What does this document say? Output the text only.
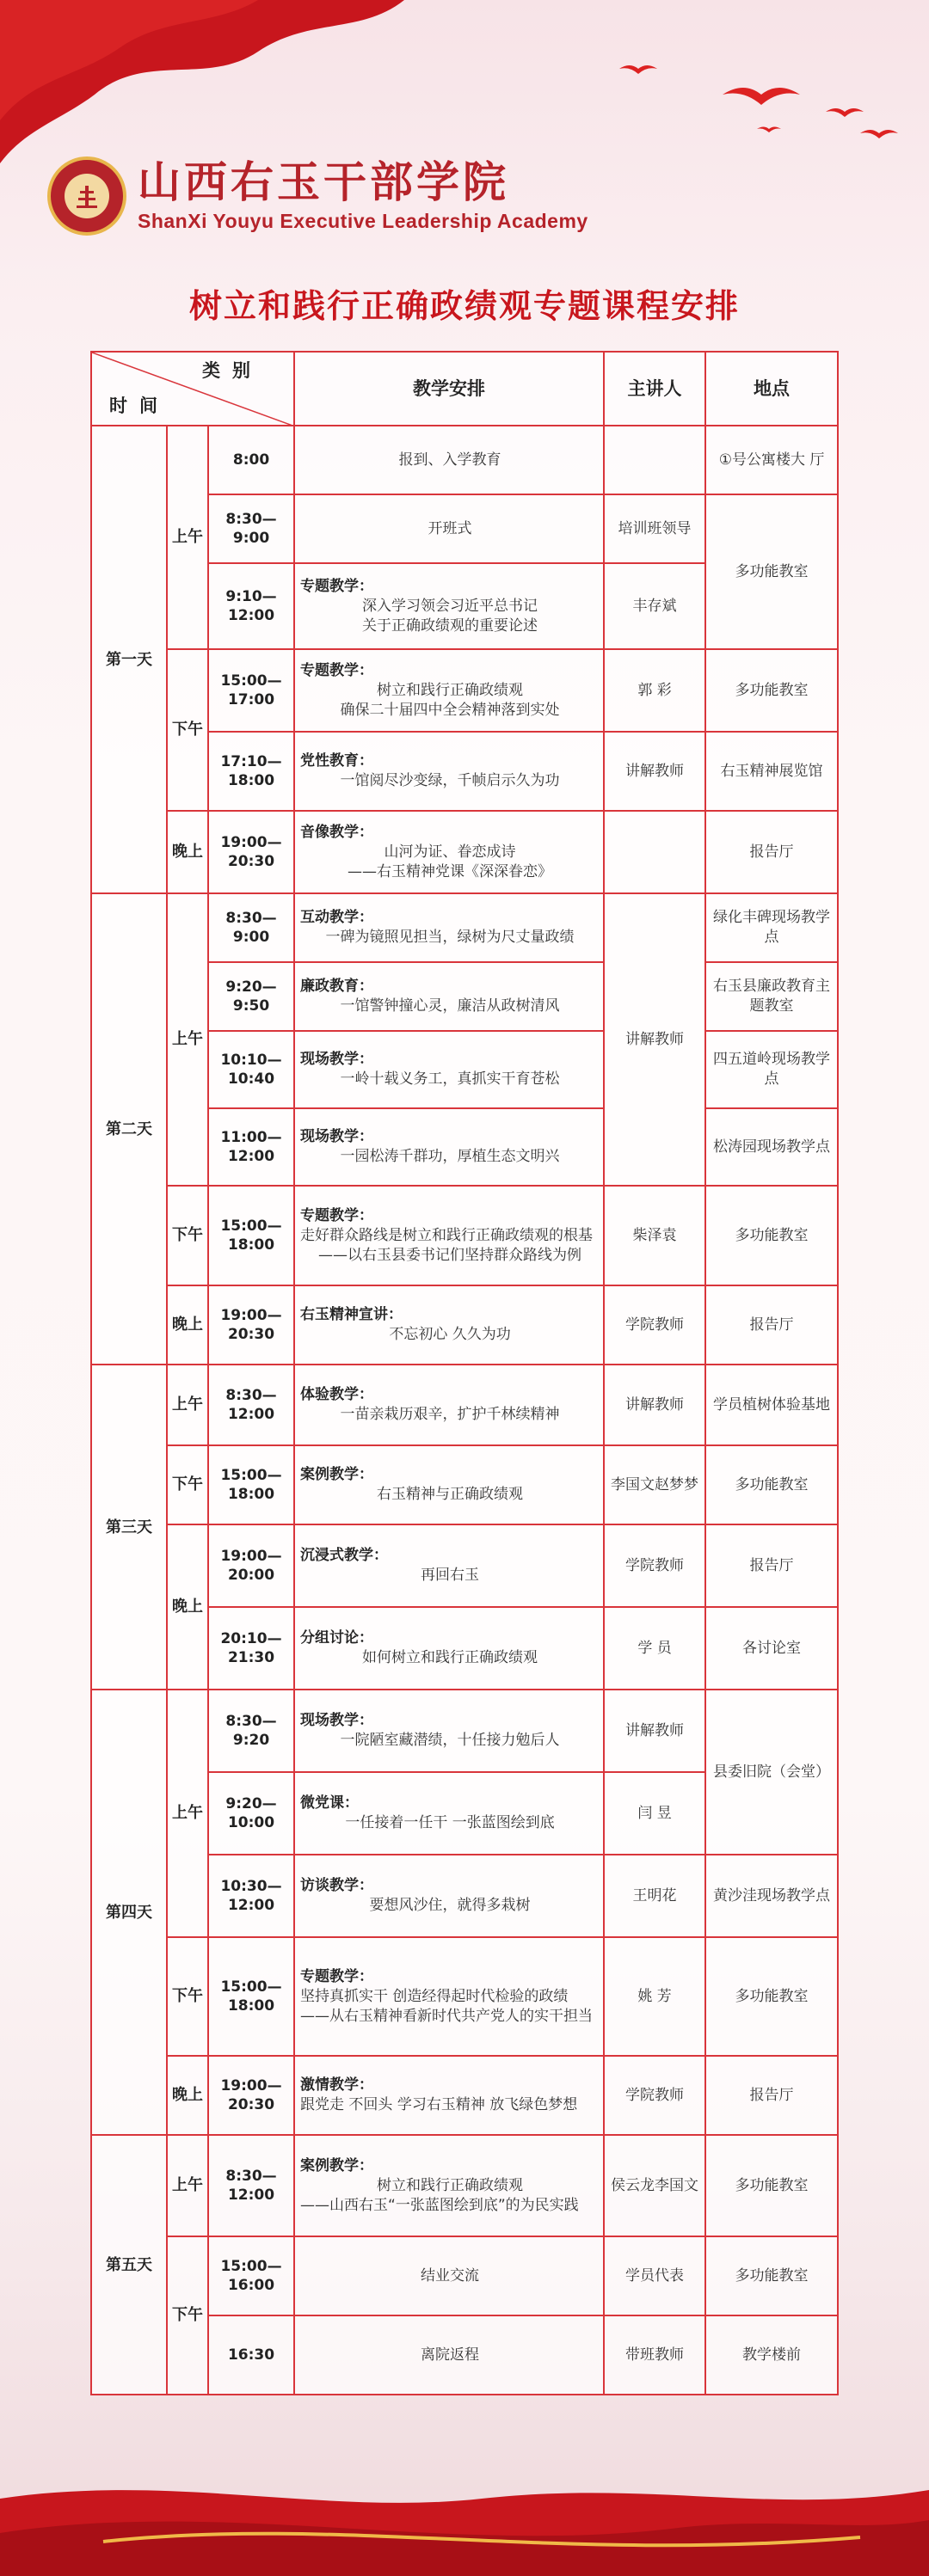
山西右玉干部学院
ShanXi Youyu Executive Leadership Academy
树立和践行正确政绩观专题课程安排
类别
时间			教学安排	主讲人	地点
第一天	上午	8:00	报到、入学教育		①号公寓楼大 厅
		8:30—9:00	开班式	培训班领导	多功能教室
		9:10—12:00	专题教学：
深入学习领会习近平总书记
关于正确政绩观的重要论述	丰存斌	

	下午	15:00—17:00	专题教学：
树立和践行正确政绩观
确保二十届四中全会精神落到实处	郭 彩	多功能教室
		17:10—18:00	党性教育：
一馆阅尽沙变绿，千帧启示久为功	讲解教师	右玉精神展览馆
	晚上	19:00—20:30	音像教学：
山河为证、眷恋成诗
——右玉精神党课《深深眷恋》		报告厅
第二天	上午	8:30—9:00	互动教学：
一碑为镜照见担当，绿树为尺丈量政绩	讲解教师	绿化丰碑现场教学点
		9:20—9:50	廉政教育：
一馆警钟撞心灵，廉洁从政树清风		右玉县廉政教育主题教室
		10:10—10:40	现场教学：
一岭十载义务工，真抓实干育苍松		四五道岭现场教学点
		11:00—12:00	现场教学：
一园松涛千群功，厚植生态文明兴		松涛园现场教学点
	下午	15:00—18:00	专题教学：
走好群众路线是树立和践行正确政绩观的根基
——以右玉县委书记们坚持群众路线为例	柴泽袁	多功能教室
	晚上	19:00—20:30	右玉精神宣讲：
不忘初心 久久为功	学院教师	报告厅
第三天	上午	8:30—12:00	体验教学：
一苗亲栽历艰辛，扩护千林续精神	讲解教师	学员植树体验基地
	下午	15:00—18:00	案例教学：
右玉精神与正确政绩观	李国文赵梦梦	多功能教室
	晚上	19:00—20:00	沉浸式教学：
再回右玉	学院教师	报告厅
		20:10—21:30	分组讨论：
如何树立和践行正确政绩观	学 员	各讨论室
第四天	上午	8:30—9:20	现场教学：
一院陋室藏潜绩，十任接力勉后人	讲解教师	县委旧院（会堂）
		9:20—10:00	微党课：
一任接着一任干 一张蓝图绘到底	闫 昱	
		10:30—12:00	访谈教学：
要想风沙住，就得多栽树	王明花	黄沙洼现场教学点
	下午	15:00—18:00	专题教学：
坚持真抓实干 创造经得起时代检验的政绩
——从右玉精神看新时代共产党人的实干担当	姚 芳	多功能教室
	晚上	19:00—20:30	激情教学：
跟党走 不回头 学习右玉精神 放飞绿色梦想	学院教师	报告厅
第五天	上午	8:30—12:00	案例教学：
树立和践行正确政绩观
——山西右玉“一张蓝图绘到底”的为民实践	侯云龙李国文	多功能教室
	下午	15:00—16:00	结业交流	学员代表	多功能教室
		16:30	离院返程	带班教师	教学楼前
